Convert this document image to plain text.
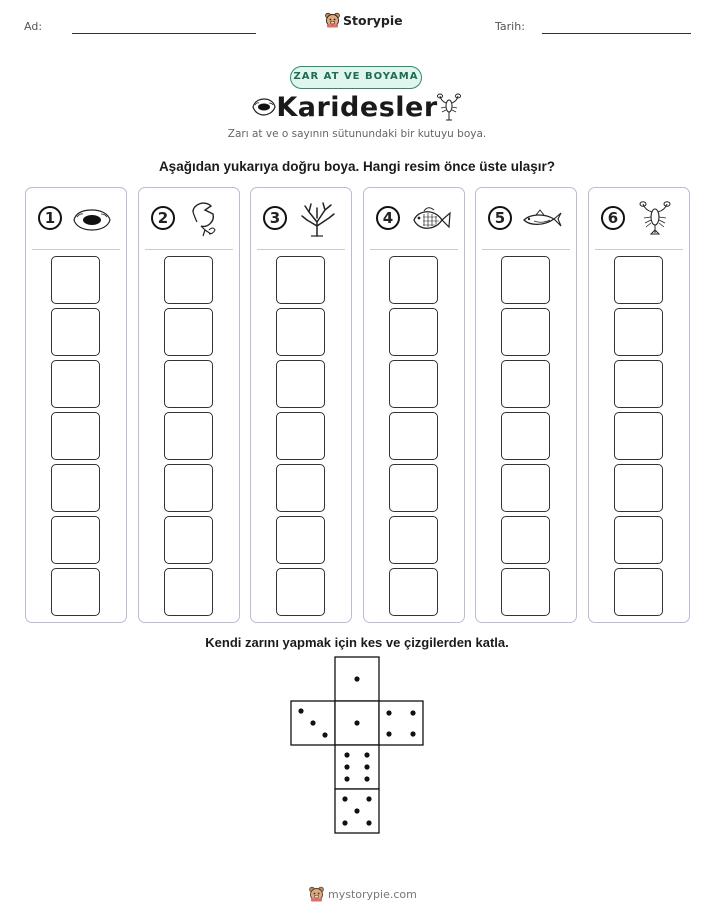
Ad:	Storypie	Tarih:
ZAR AT VE BOYAMA
Karidesler
Zarı at ve o sayının sütunundaki bir kutuyu boya.
Aşağıdan yukarıya doğru boya. Hangi resim önce üste ulaşır?
1	2	3	4	5	6
Kendi zarını yapmak için kes ve çizgilerden katla.
mystorypie.com
